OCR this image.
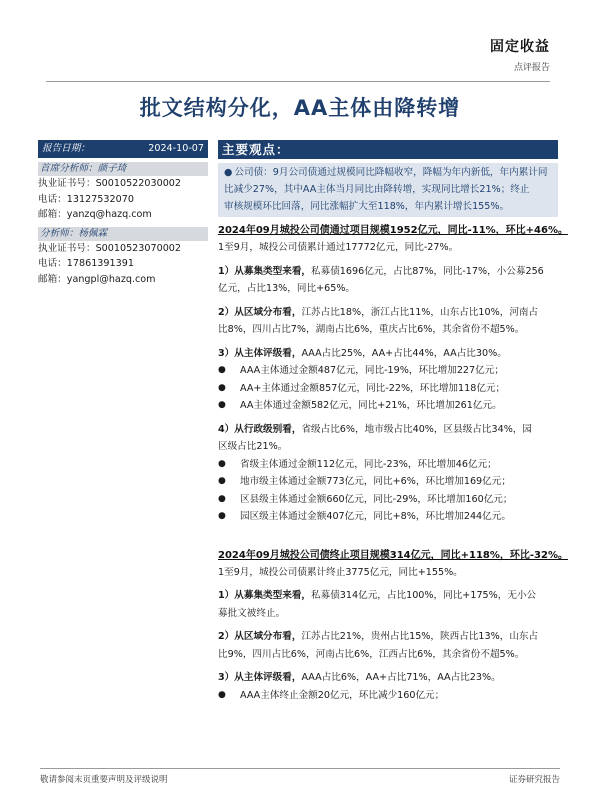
固定收益
点评报告
批文结构分化，AA主体由降转增
报告日期：	2024-10-07
首席分析师：颜子琦
执业证书号：S0010522030002
电话：13127532070
邮箱：yanzq@hazq.com
分析师：杨佩霖
执业证书号：S0010523070002
电话：17861391391
邮箱：yangpl@hazq.com
主要观点：
● 公司债：9月公司债通过规模同比降幅收窄，降幅为年内新低，年内累计同
比减少27%，其中AA主体当月同比由降转增，实现同比增长21%；终止
审核规模环比回落，同比涨幅扩大至118%，年内累计增长155%。
2024年09月城投公司债通过项目规模1952亿元，同比-11%，环比+46%。
1至9月，城投公司债累计通过17772亿元，同比-27%。
1）从募集类型来看，私募债1696亿元，占比87%，同比-17%，小公募256
亿元，占比13%，同比+65%。
2）从区域分布看，江苏占比18%，浙江占比11%，山东占比10%，河南占
比8%，四川占比7%，湖南占比6%，重庆占比6%，其余省份不超5%。
3）从主体评级看，AAA占比25%，AA+占比44%，AA占比30%。
●	AAA主体通过金额487亿元，同比-19%，环比增加227亿元；
●	AA+主体通过金额857亿元，同比-22%，环比增加118亿元；
●	AA主体通过金额582亿元，同比+21%，环比增加261亿元。
4）从行政级别看，省级占比6%，地市级占比40%，区县级占比34%，园
区级占比21%。
●	省级主体通过金额112亿元，同比-23%，环比增加46亿元；
●	地市级主体通过金额773亿元，同比+6%，环比增加169亿元；
●	区县级主体通过金额660亿元，同比-29%，环比增加160亿元；
●	园区级主体通过金额407亿元，同比+8%，环比增加244亿元。
2024年09月城投公司债终止项目规模314亿元，同比+118%，环比-32%。
1至9月，城投公司债累计终止3775亿元，同比+155%。
1）从募集类型来看，私募债314亿元，占比100%，同比+175%，无小公
募批文被终止。
2）从区域分布看，江苏占比21%，贵州占比15%，陕西占比13%，山东占
比9%，四川占比6%，河南占比6%，江西占比6%，其余省份不超5%。
3）从主体评级看，AAA占比6%，AA+占比71%，AA占比23%。
●	AAA主体终止金额20亿元，环比减少160亿元；
敬请参阅末页重要声明及评级说明	证券研究报告
